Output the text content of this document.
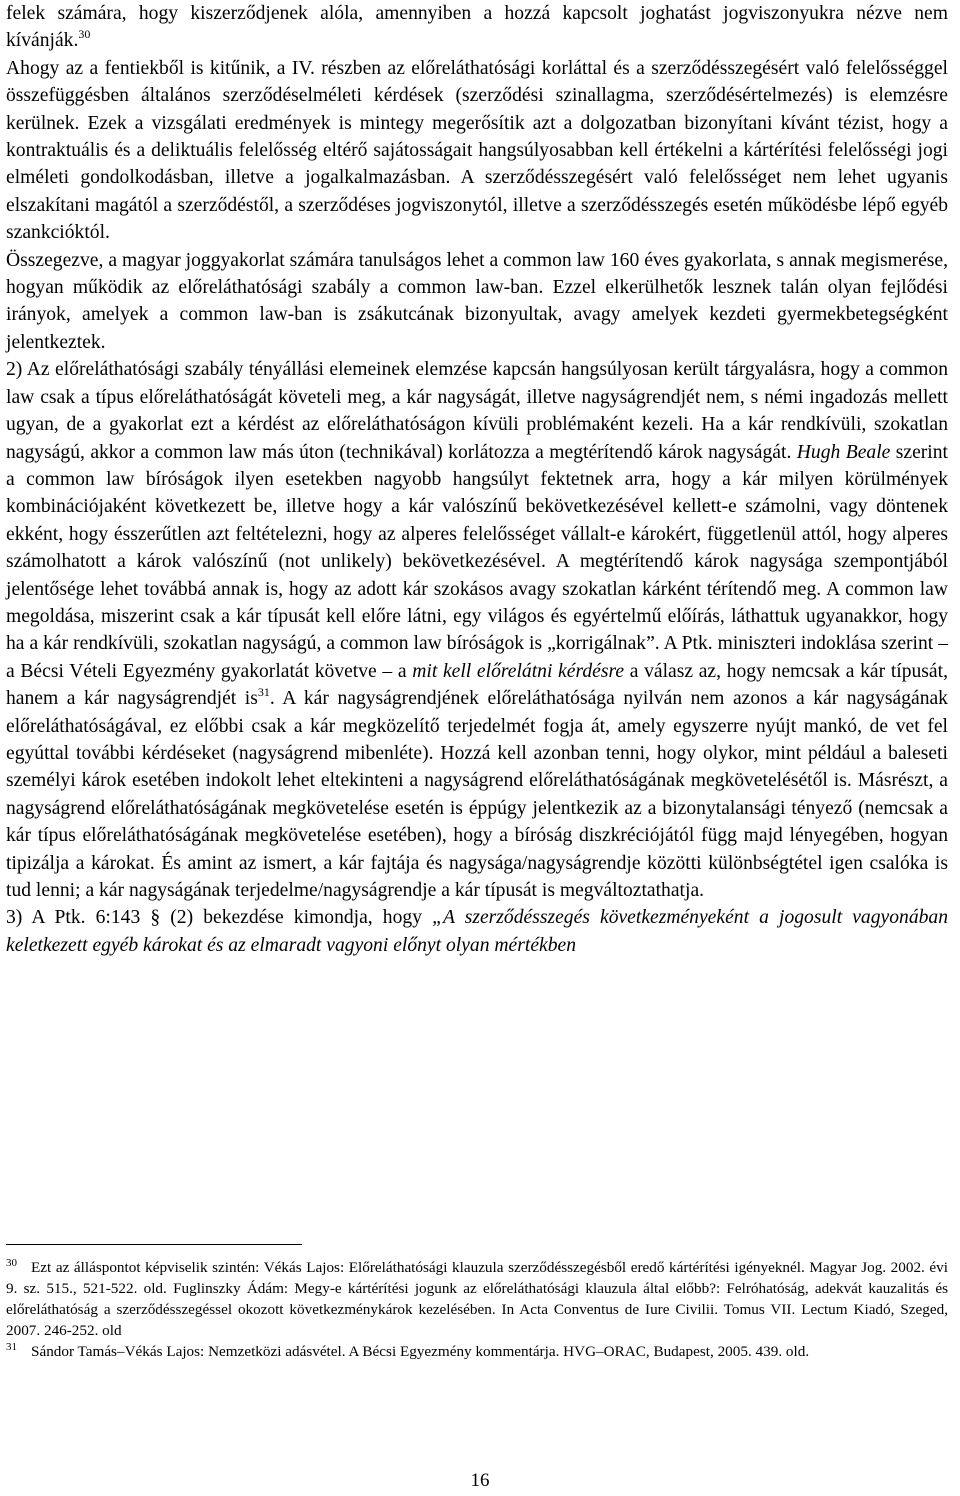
felek számára, hogy kiszerződjenek alóla, amennyiben a hozzá kapcsolt joghatást jogviszonyukra nézve nem kívánják.$^{30}$

Ahogy az a fentiekből is kitűnik, a IV. részben az előreláthatósági korláttal és a szerződésszegésért való felelősséggel összefüggésben általános szerződéselméleti kérdések (szerződési szinallagma, szerződésértelmezés) is elemzésre kerülnek. Ezek a vizsgálati eredmények is mintegy megerősítik azt a dolgozatban bizonyítani kívánt tézist, hogy a kontraktuális és a deliktuális felelősség eltérő sajátosságait hangsúlyosabban kell értékelni a kártérítési felelősségi jogi elméleti gondolkodásban, illetve a jogalkalmazásban. A szerződésszegésért való felelősséget nem lehet ugyanis elszakítani magától a szerződéstől, a szerződéses jogviszonytól, illetve a szerződésszegés esetén működésbe lépő egyéb szankcióktól.

Összegezve, a magyar joggyakorlat számára tanulságos lehet a common law 160 éves gyakorlata, s annak megismerése, hogyan működik az előreláthatósági szabály a common law-ban. Ezzel elkerülhetők lesznek talán olyan fejlődési irányok, amelyek a common law-ban is zsákutcának bizonyultak, avagy amelyek kezdeti gyermekbetegségként jelentkeztek.

2) Az előreláthatósági szabály tényállási elemeinek elemzése kapcsán hangsúlyosan került tárgyalásra, hogy a common law csak a típus előreláthatóságát követeli meg, a kár nagyságát, illetve nagyságrendjét nem, s némi ingadozás mellett ugyan, de a gyakorlat ezt a kérdést az előreláthatóságon kívüli problémaként kezeli. Ha a kár rendkívüli, szokatlan nagyságú, akkor a common law más úton (technikával) korlátozza a megtérítendő károk nagyságát. Hugh Beale szerint a common law bíróságok ilyen esetekben nagyobb hangsúlyt fektetnek arra, hogy a kár milyen körülmények kombinációjaként következett be, illetve hogy a kár valószínű bekövetkezésével kellett-e számolni, vagy döntenek ekként, hogy ésszerűtlen azt feltételezni, hogy az alperes felelősséget vállalt-e károkért, függetlenül attól, hogy alperes számolhatott a károk valószínű (not unlikely) bekövetkezésével. A megtérítendő károk nagysága szempontjából jelentősége lehet továbbá annak is, hogy az adott kár szokásos avagy szokatlan kárként térítendő meg. A common law megoldása, miszerint csak a kár típusát kell előre látni, egy világos és egyértelmű előírás, láthattuk ugyanakkor, hogy ha a kár rendkívüli, szokatlan nagyságú, a common law bíróságok is „korrigálnak”. A Ptk. miniszteri indoklása szerint – a Bécsi Vételi Egyezmény gyakorlatát követve – a mit kell előrelátni kérdésre a válasz az, hogy nemcsak a kár típusát, hanem a kár nagyságrendjét $is^{31}$. A kár nagyságrendjének előreláthatósága nyilván nem azonos a kár nagyságának előreláthatóságával, ez előbbi csak a kár megközelítő terjedelmét fogja át, amely egyszerre nyújt mankó, de vet fel egyúttal további kérdéseket (nagyságrend mibenléte). Hozzá kell azonban tenni, hogy olykor, mint például a baleseti személyi károk esetében indokolt lehet eltekinteni a nagyságrend előreláthatóságának megkövetelésétől is. Másrészt, a nagyságrend előreláthatóságának megkövetelése esetén is éppúgy jelentkezik az a bizonytalansági tényező (nemcsak a kár típus előreláthatóságának megkövetelése esetében), hogy a bíróság diszkréciójától függ majd lényegében, hogyan tipizálja a károkat. És amint az ismert, a kár fajtája és nagysága/nagyságrendje közötti különbségtétel igen csalóka is tud lenni; a kár nagyságának terjedelme/nagyságrendje a kár típusát is megváltoztathatja.

3) A Ptk. 6:143 § (2) bekezdése kimondja, hogy „A szerződésszegés következményeként a jogosult vagyonában keletkezett egyéb károkat és az elmaradt vagyoni előnyt olyan mértékben

$^{30}$ Ezt az álláspontot képviselik szintén: Vékás Lajos: Előreláthatósági klauzula szerződésszegésből eredő kártérítési igényeknél. Magyar Jog. 2002. évi 9. sz. 515., 521-522. old. Fuglinszky Ádám: Megy-e kártérítési jogunk az előreláthatósági klauzula által előbb?: Felróhatóság, adekvát kauzalitás és előreláthatóság a szerződésszegéssel okozott következménykárok kezelésében. In Acta Conventus de Iure Civilii. Tomus VII. Lectum Kiadó, Szeged, 2007. 246-252. old

$^{31}$ Sándor Tamás–Vékás Lajos: Nemzetközi adásvétel. A Bécsi Egyezmény kommentárja. HVG–ORAC, Budapest, 2005. 439. old.

16
